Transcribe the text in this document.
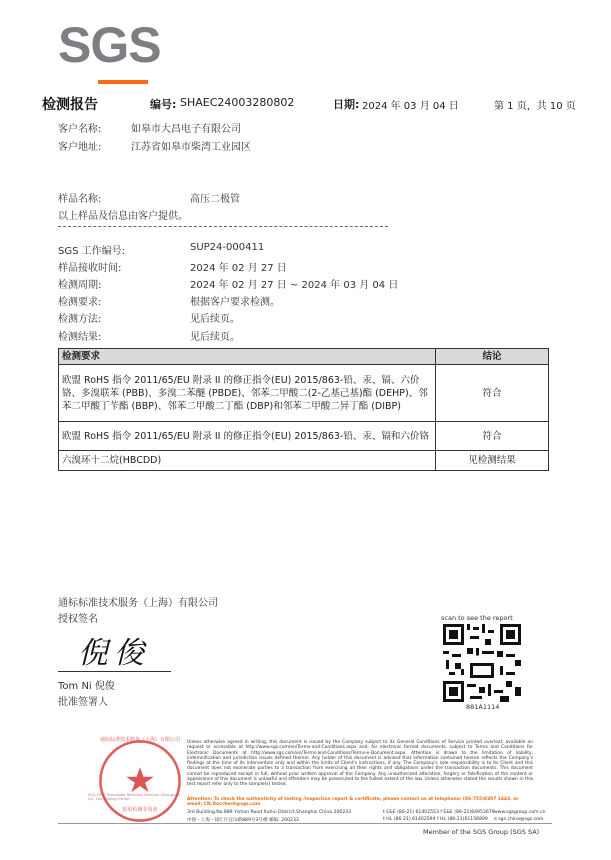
SGS
检测报告	编号: SHAEC24003280802	日期: 2024 年 03 月 04 日	第 1 页，共 10 页
客户名称:	如皋市大昌电子有限公司
客户地址:	江苏省如皋市柴湾工业园区
样品名称:	高压二极管
以上样品及信息由客户提供。
SGS 工作编号:	SUP24-000411
样品接收时间:	2024 年 02 月 27 日
检测周期:	2024 年 02 月 27 日 ~ 2024 年 03 月 04 日
检测要求:	根据客户要求检测。
检测方法:	见后续页。
检测结果:	见后续页。
检测要求	结论
欧盟 RoHS 指令 2011/65/EU 附录 II 的修正指令(EU) 2015/863-铅、汞、镉、六价铬、多溴联苯 (PBB)、多溴二苯醚 (PBDE)、邻苯二甲酸二(2-乙基己基)酯 (DEHP)、邻苯二甲酸丁苄酯 (BBP)、邻苯二甲酸二丁酯 (DBP)和邻苯二甲酸二异丁酯 (DIBP)	符合
欧盟 RoHS 指令 2011/65/EU 附录 II 的修正指令(EU) 2015/863-铅、汞、镉和六价铬	符合
六溴环十二烷(HBCDD)	见检测结果
通标标准技术服务（上海）有限公司
授权签名
倪俊
Tom Ni 倪俊
批准签署人
scan to see the report
881A1114
通标标准技术服务（上海）有限公司
检验检测专用章
SGS-CSTC Standards Technical Services (Shanghai) Co., Ltd. Testing Center
Unless otherwise agreed in writing, this document is issued by the Company subject to its General Conditions of Service printed overleaf, available on request or accessible at http://www.sgs.com/en/Terms-and-Conditions.aspx and, for electronic format documents, subject to Terms and Conditions for Electronic Documents at http://www.sgs.com/en/Terms-and-Conditions/Terms-e-Document.aspx. Attention is drawn to the limitation of liability, indemnification and jurisdiction issues defined therein. Any holder of this document is advised that information contained hereon reflects the Company's findings at the time of its intervention only and within the limits of Client's instructions, if any. The Company's sole responsibility is to its Client and this document does not exonerate parties to a transaction from exercising all their rights and obligations under the transaction documents. This document cannot be reproduced except in full, without prior written approval of the Company. Any unauthorized alteration, forgery or falsification of the content or appearance of this document is unlawful and offenders may be prosecuted to the fullest extent of the law. Unless otherwise stated the results shown in this test report refer only to the sample(s) tested.
Attention: To check the authenticity of testing /inspection report & certificate, please contact us at telephone: (86-755)8307 1443, or email: CN.Doccheck@sgs.com
3rd Building,No.889 Yishan Road Xuhui District,Shanghai China 200233
中国・上海・徐汇区宜山路889号3号楼 邮编: 200233
t E&E (86-21) 61402553 f E&E (86-21)64953679
t HL (86-21) 61402594 f HL (86-21)61156899
www.sgsgroup.com.cn
e sgs.china@sgs.com
Member of the SGS Group (SGS SA)
